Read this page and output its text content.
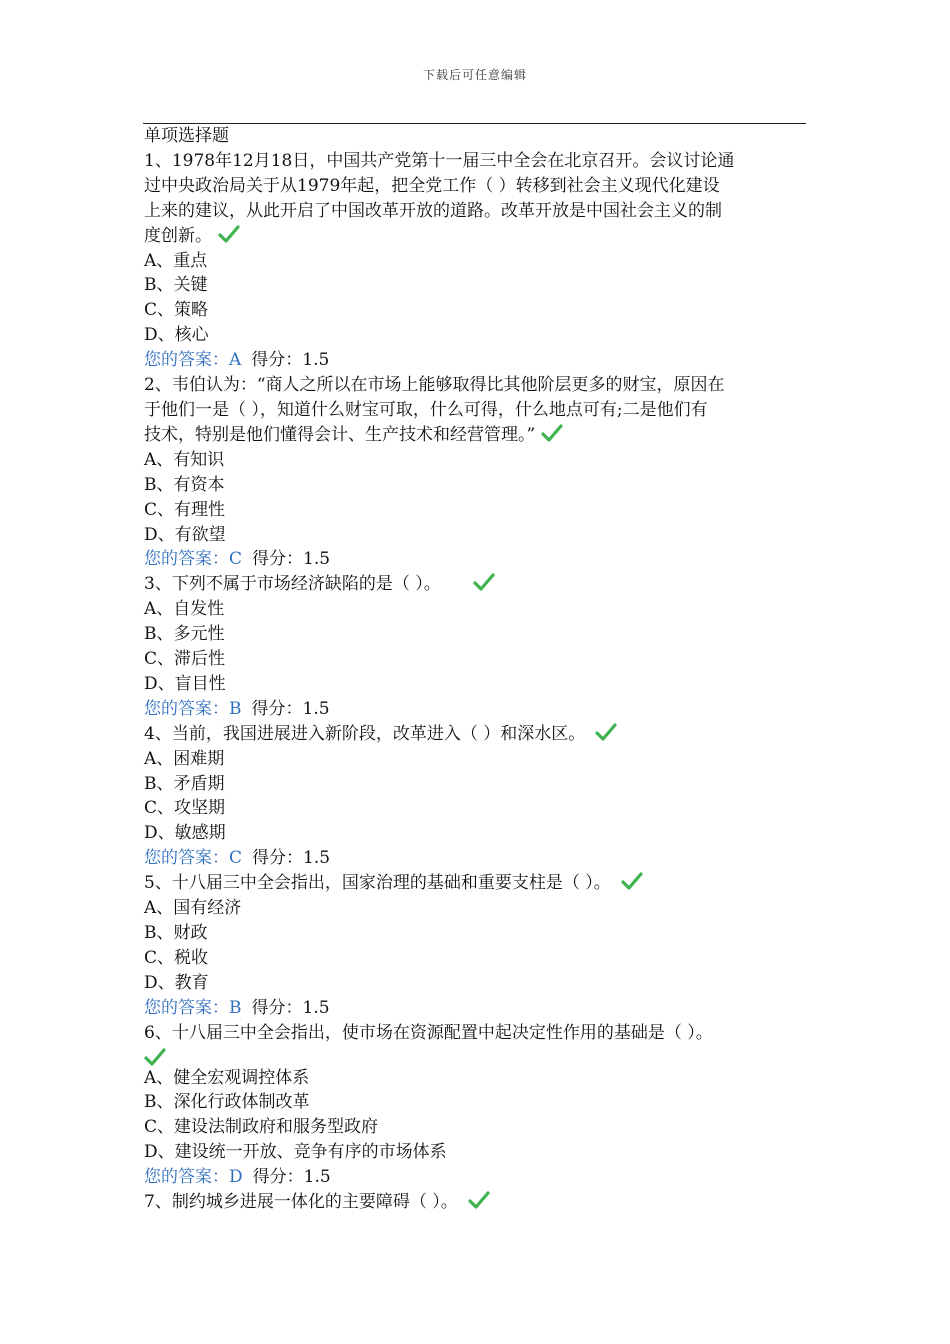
下载后可任意编辑
单项选择题
1、1978年12月18日，中国共产党第十一届三中全会在北京召开。会议讨论通
过中央政治局关于从1979年起，把全党工作（ ）转移到社会主义现代化建设
上来的建议，从此开启了中国改革开放的道路。改革开放是中国社会主义的制
度创新。
A、重点
B、关键
C、策略
D、核心
您的答案：A 得分：1.5
2、韦伯认为：“商人之所以在市场上能够取得比其他阶层更多的财宝，原因在
于他们一是（ ），知道什么财宝可取，什么可得，什么地点可有;二是他们有
技术，特别是他们懂得会计、生产技术和经营管理。”
A、有知识
B、有资本
C、有理性
D、有欲望
您的答案：C 得分：1.5
3、下列不属于市场经济缺陷的是（ ）。
A、自发性
B、多元性
C、滞后性
D、盲目性
您的答案：B 得分：1.5
4、当前，我国进展进入新阶段，改革进入（ ）和深水区。
A、困难期
B、矛盾期
C、攻坚期
D、敏感期
您的答案：C 得分：1.5
5、十八届三中全会指出，国家治理的基础和重要支柱是（ ）。
A、国有经济
B、财政
C、税收
D、教育
您的答案：B 得分：1.5
6、十八届三中全会指出，使市场在资源配置中起决定性作用的基础是（ ）。
A、健全宏观调控体系
B、深化行政体制改革
C、建设法制政府和服务型政府
D、建设统一开放、竞争有序的市场体系
您的答案：D 得分：1.5
7、制约城乡进展一体化的主要障碍（ ）。
